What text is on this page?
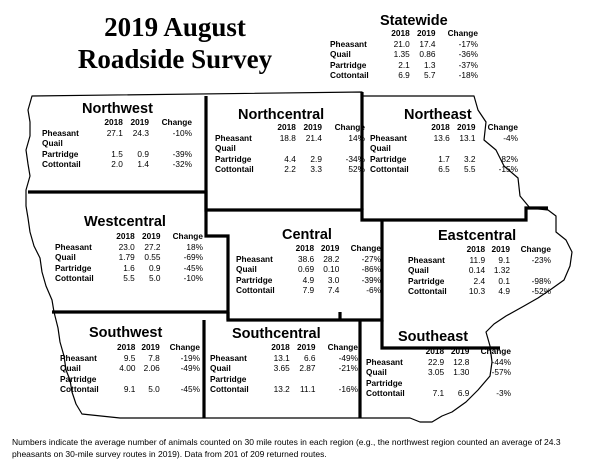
2019 August
Roadside Survey
Statewide
	2018	2019	Change
Pheasant	21.0	17.4	-17%
Quail	1.35	0.86	-36%
Partridge	2.1	1.3	-37%
Cottontail	6.9	5.7	-18%
Northwest
	2018	2019	Change
Pheasant	27.1	24.3	-10%
Quail			
Partridge	1.5	0.9	-39%
Cottontail	2.0	1.4	-32%
Northcentral
	2018	2019	Change
Pheasant	18.8	21.4	14%
Quail			
Partridge	4.4	2.9	-34%
Cottontail	2.2	3.3	52%
Northeast
	2018	2019	Change
Pheasant	13.6	13.1	-4%
Quail			
Partridge	1.7	3.2	82%
Cottontail	6.5	5.5	-15%
Westcentral
	2018	2019	Change
Pheasant	23.0	27.2	18%
Quail	1.79	0.55	-69%
Partridge	1.6	0.9	-45%
Cottontail	5.5	5.0	-10%
Central
	2018	2019	Change
Pheasant	38.6	28.2	-27%
Quail	0.69	0.10	-86%
Partridge	4.9	3.0	-39%
Cottontail	7.9	7.4	-6%
Eastcentral
	2018	2019	Change
Pheasant	11.9	9.1	-23%
Quail	0.14	1.32	
Partridge	2.4	0.1	-98%
Cottontail	10.3	4.9	-52%
Southwest
	2018	2019	Change
Pheasant	9.5	7.8	-19%
Quail	4.00	2.06	-49%
Partridge			
Cottontail	9.1	5.0	-45%
Southcentral
	2018	2019	Change
Pheasant	13.1	6.6	-49%
Quail	3.65	2.87	-21%
Partridge			
Cottontail	13.2	11.1	-16%
Southeast
	2018	2019	Change
Pheasant	22.9	12.8	-44%
Quail	3.05	1.30	-57%
Partridge			
Cottontail	7.1	6.9	-3%
Numbers indicate the average number of animals counted on 30 mile routes in each region (e.g., the northwest region counted an average of 24.3 pheasants on 30-mile survey routes in 2019). Data from 201 of 209 returned routes.
